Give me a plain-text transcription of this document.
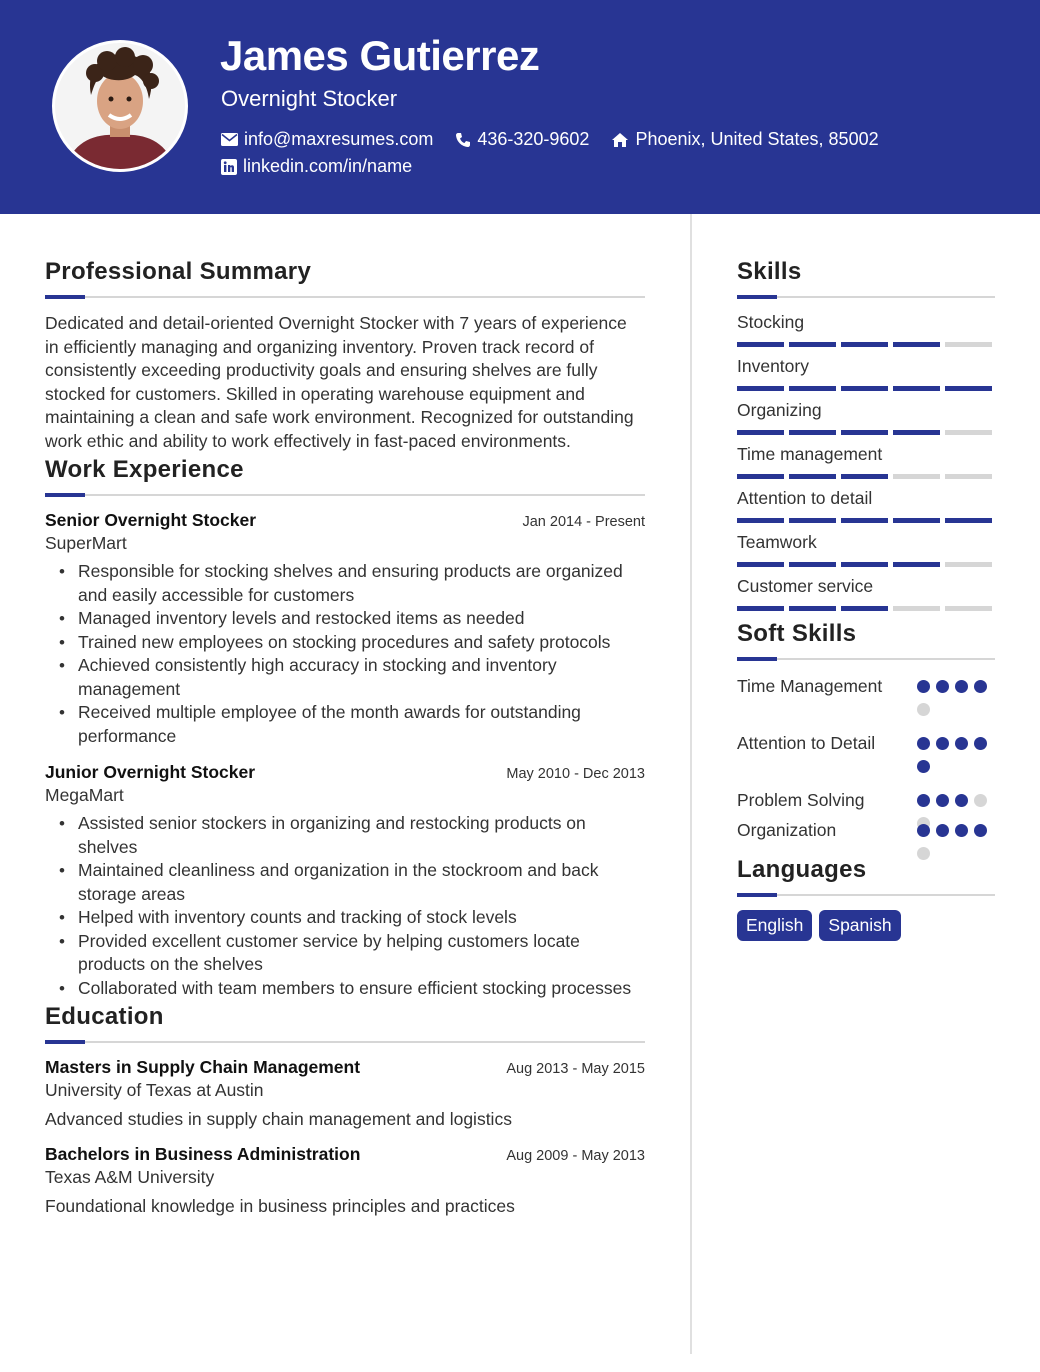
James Gutierrez
Overnight Stocker
info@maxresumes.com 436-320-9602	Phoenix, United States, 85002
linkedin.com/in/name
Professional Summary

Dedicated and detail-oriented Overnight Stocker with 7 years of experience in efficiently managing and organizing inventory. Proven track record of consistently exceeding productivity goals and ensuring shelves are fully stocked for customers. Skilled in operating warehouse equipment and maintaining a clean and safe work environment. Recognized for outstanding work ethic and ability to work effectively in fast-paced environments.

Work Experience
Senior Overnight Stocker	Jan 2014 - Present
SuperMart
• Responsible for stocking shelves and ensuring products are organized and easily accessible for customers
• Managed inventory levels and restocked items as needed
• Trained new employees on stocking procedures and safety protocols
• Achieved consistently high accuracy in stocking and inventory management
• Received multiple employee of the month awards for outstanding performance
Junior Overnight Stocker	May 2010 - Dec 2013
MegaMart
• Assisted senior stockers in organizing and restocking products on shelves
• Maintained cleanliness and organization in the stockroom and back storage areas
• Helped with inventory counts and tracking of stock levels
• Provided excellent customer service by helping customers locate products on the shelves
• Collaborated with team members to ensure efficient stocking processes
Education
Masters in Supply Chain Management	Aug 2013 - May 2015
University of Texas at Austin
Advanced studies in supply chain management and logistics
Bachelors in Business Administration	Aug 2009 - May 2013
Texas A&M University
Foundational knowledge in business principles and practices
Skills
Stocking
Inventory
Organizing
Time management
Attention to detail
Teamwork
Customer service
Soft Skills
Time Management
Attention to Detail
Problem Solving
Organization
Languages
English	Spanish
